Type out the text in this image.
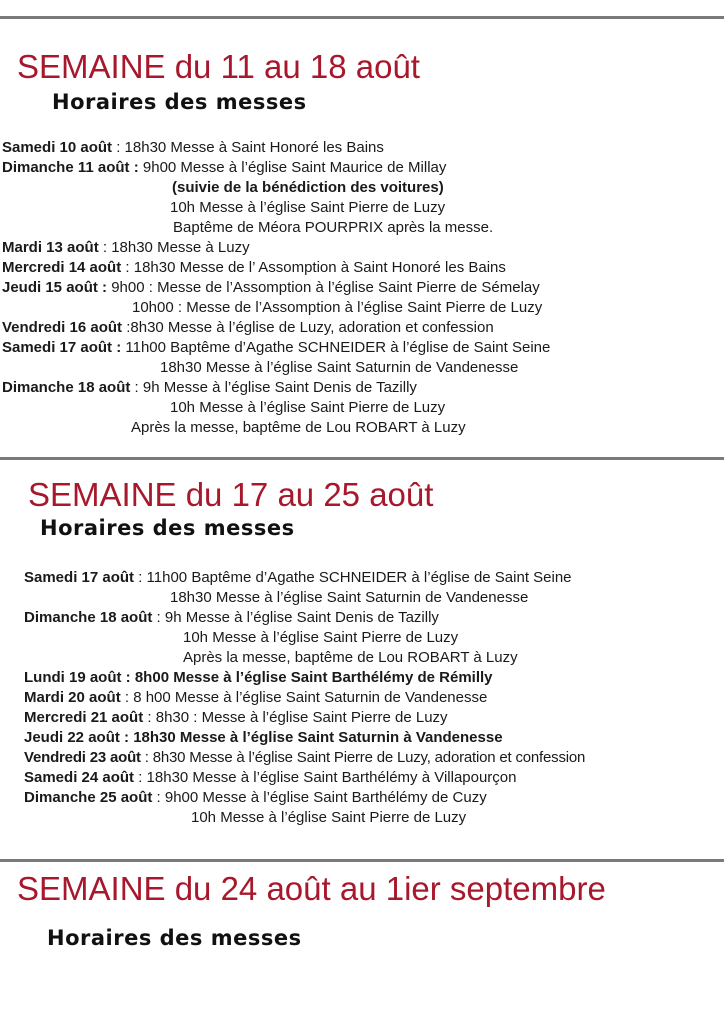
SEMAINE du 11 au 18 août
Horaires des messes
Samedi 10 août : 18h30 Messe à Saint Honoré les Bains
Dimanche 11 août : 9h00 Messe à l’église Saint Maurice de Millay
(suivie de la bénédiction des voitures)
10h Messe à l’église Saint Pierre de Luzy
Baptême de Méora POURPRIX après la messe.
Mardi 13 août : 18h30 Messe à Luzy
Mercredi 14 août : 18h30 Messe de l’ Assomption à Saint Honoré les Bains
Jeudi 15 août : 9h00 : Messe de l’Assomption à l’église Saint Pierre de Sémelay
10h00 : Messe de l’Assomption à l’église Saint Pierre de Luzy
Vendredi 16 août :8h30 Messe à l’église de Luzy, adoration et confession
Samedi 17 août : 11h00 Baptême d’Agathe SCHNEIDER à l’église de Saint Seine
18h30 Messe à l’église Saint Saturnin de Vandenesse
Dimanche 18 août : 9h Messe à l’église Saint Denis de Tazilly
10h Messe à l’église Saint Pierre de Luzy
Après la messe, baptême de Lou ROBART à Luzy
SEMAINE du 17 au 25 août
Horaires des messes
Samedi 17 août : 11h00 Baptême d’Agathe SCHNEIDER à l’église de Saint Seine
18h30 Messe à l’église Saint Saturnin de Vandenesse
Dimanche 18 août : 9h Messe à l’église Saint Denis de Tazilly
10h Messe à l’église Saint Pierre de Luzy
Après la messe, baptême de Lou ROBART à Luzy
Lundi 19 août : 8h00 Messe à l’église Saint Barthélémy de Rémilly
Mardi 20 août : 8 h00 Messe à l’église Saint Saturnin de Vandenesse
Mercredi 21 août : 8h30 : Messe à l’église Saint Pierre de Luzy
Jeudi 22 août : 18h30 Messe à l’église Saint Saturnin à Vandenesse
Vendredi 23 août : 8h30 Messe à l’église Saint Pierre de Luzy, adoration et confession
Samedi 24 août : 18h30 Messe à l’église Saint Barthélémy à Villapourçon
Dimanche 25 août : 9h00 Messe à l’église Saint Barthélémy de Cuzy
10h Messe à l’église Saint Pierre de Luzy
SEMAINE du 24 août au 1ier septembre
Horaires des messes
